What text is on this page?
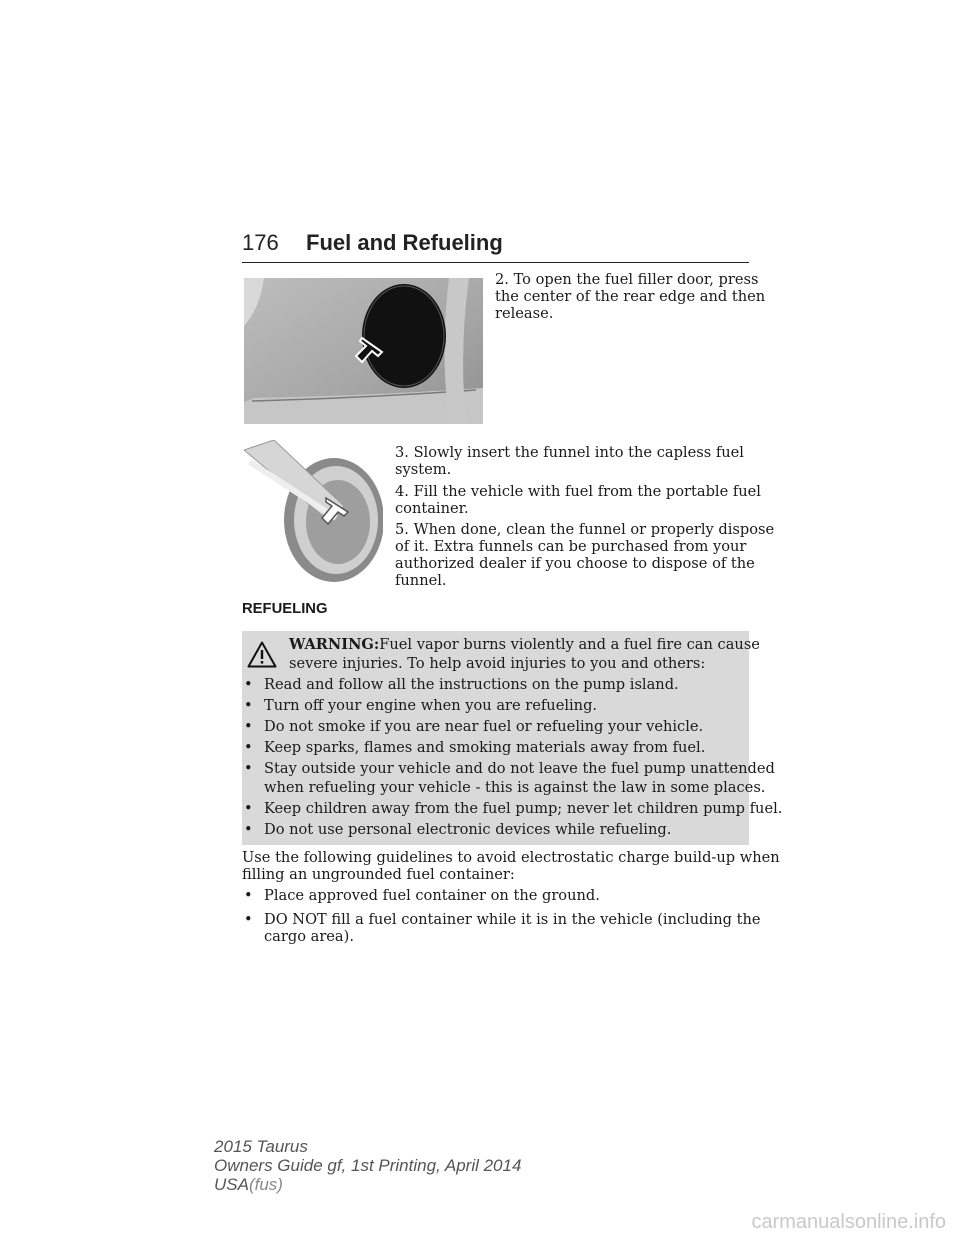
176 Fuel and Refueling
2. To open the fuel filler door, press
the center of the rear edge and then
release.
3. Slowly insert the funnel into the capless fuel
system.
4. Fill the vehicle with fuel from the portable fuel
container.
5. When done, clean the funnel or properly dispose
of it. Extra funnels can be purchased from your
authorized dealer if you choose to dispose of the
funnel.
REFUELING
WARNING:Fuel vapor burns violently and a fuel fire can cause
severe injuries. To help avoid injuries to you and others:
• Read and follow all the instructions on the pump island.
• Turn off your engine when you are refueling.
• Do not smoke if you are near fuel or refueling your vehicle.
• Keep sparks, flames and smoking materials away from fuel.
• Stay outside your vehicle and do not leave the fuel pump unattended
when refueling your vehicle - this is against the law in some places.
• Keep children away from the fuel pump; never let children pump fuel.
• Do not use personal electronic devices while refueling.
Use the following guidelines to avoid electrostatic charge build-up when
filling an ungrounded fuel container:
• Place approved fuel container on the ground.
• DO NOT fill a fuel container while it is in the vehicle (including the
cargo area).
2015 Taurus
Owners Guide gf, 1st Printing, April 2014
USA(fus)
carmanualsonline.info
